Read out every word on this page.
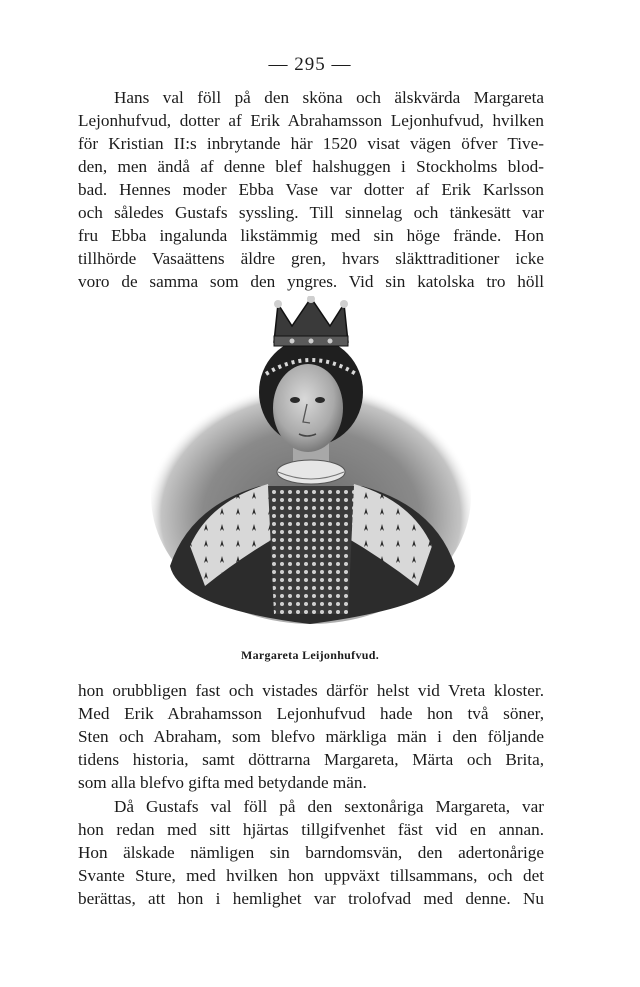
— 295 —
Hans val föll på den sköna och älskvärda Margareta
Lejonhufvud, dotter af Erik Abrahamsson Lejonhufvud, hvilken
för Kristian II:s inbrytande här 1520 visat vägen öfver Tive-
den, men ändå af denne blef halshuggen i Stockholms blod-
bad. Hennes moder Ebba Vase var dotter af Erik Karlsson
och således Gustafs syssling. Till sinnelag och tänkesätt var
fru Ebba ingalunda likstämmig med sin höge frände. Hon
tillhörde Vasaättens äldre gren, hvars släkttraditioner icke
voro de samma som den yngres. Vid sin katolska tro höll
Margareta Leijonhufvud.
hon orubbligen fast och vistades därför helst vid Vreta kloster.
Med Erik Abrahamsson Lejonhufvud hade hon två söner,
Sten och Abraham, som blefvo märkliga män i den följande
tidens historia, samt döttrarna Margareta, Märta och Brita,
som alla blefvo gifta med betydande män.
Då Gustafs val föll på den sextonåriga Margareta, var
hon redan med sitt hjärtas tillgifvenhet fäst vid en annan.
Hon älskade nämligen sin barndomsvän, den adertonårige
Svante Sture, med hvilken hon uppväxt tillsammans, och det
berättas, att hon i hemlighet var trolofvad med denne. Nu
